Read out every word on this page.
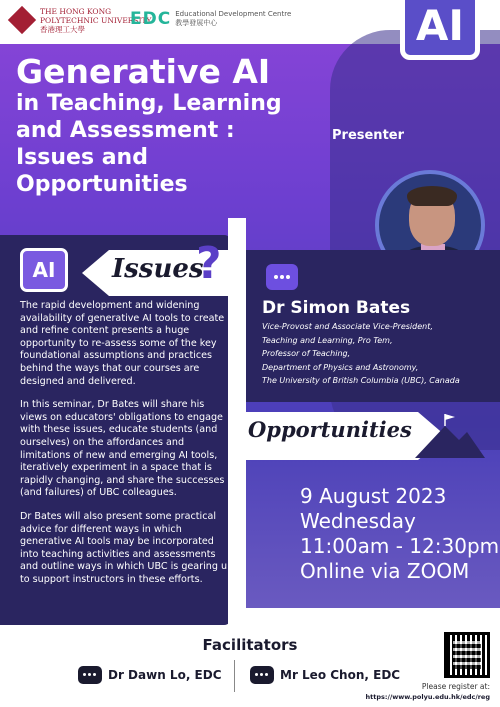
THE HONG KONG
POLYTECHNIC UNIVERSITY
香港理工大學	EDC Educational Development Centre
教學發展中心	AI
Generative AI
in Teaching, Learning
and Assessment :
Issues and
Opportunities
Presenter
AI	Issues
?

The rapid development and widening availability of generative AI tools to create and refine content presents a huge opportunity to re-assess some of the key foundational assumptions and practices behind the ways that our courses are designed and delivered.

In this seminar, Dr Bates will share his views on educators' obligations to engage with these issues, educate students (and ourselves) on the affordances and limitations of new and emerging AI tools, iteratively experiment in a space that is rapidly changing, and share the successes (and failures) of UBC colleagues.

Dr Bates will also present some practical advice for different ways in which generative AI tools may be incorporated into teaching activities and assessments and outline ways in which UBC is gearing up to support instructors in these efforts.

Dr Simon Bates
Vice-Provost and Associate Vice-President,
Teaching and Learning, Pro Tem,
Professor of Teaching,
Department of Physics and Astronomy,
The University of British Columbia (UBC), Canada
Opportunities
9 August 2023
Wednesday
11:00am - 12:30pm
Online via ZOOM
Facilitators
Dr Dawn Lo, EDC	Mr Leo Chon, EDC
Please register at:
https://www.polyu.edu.hk/edc/reg
